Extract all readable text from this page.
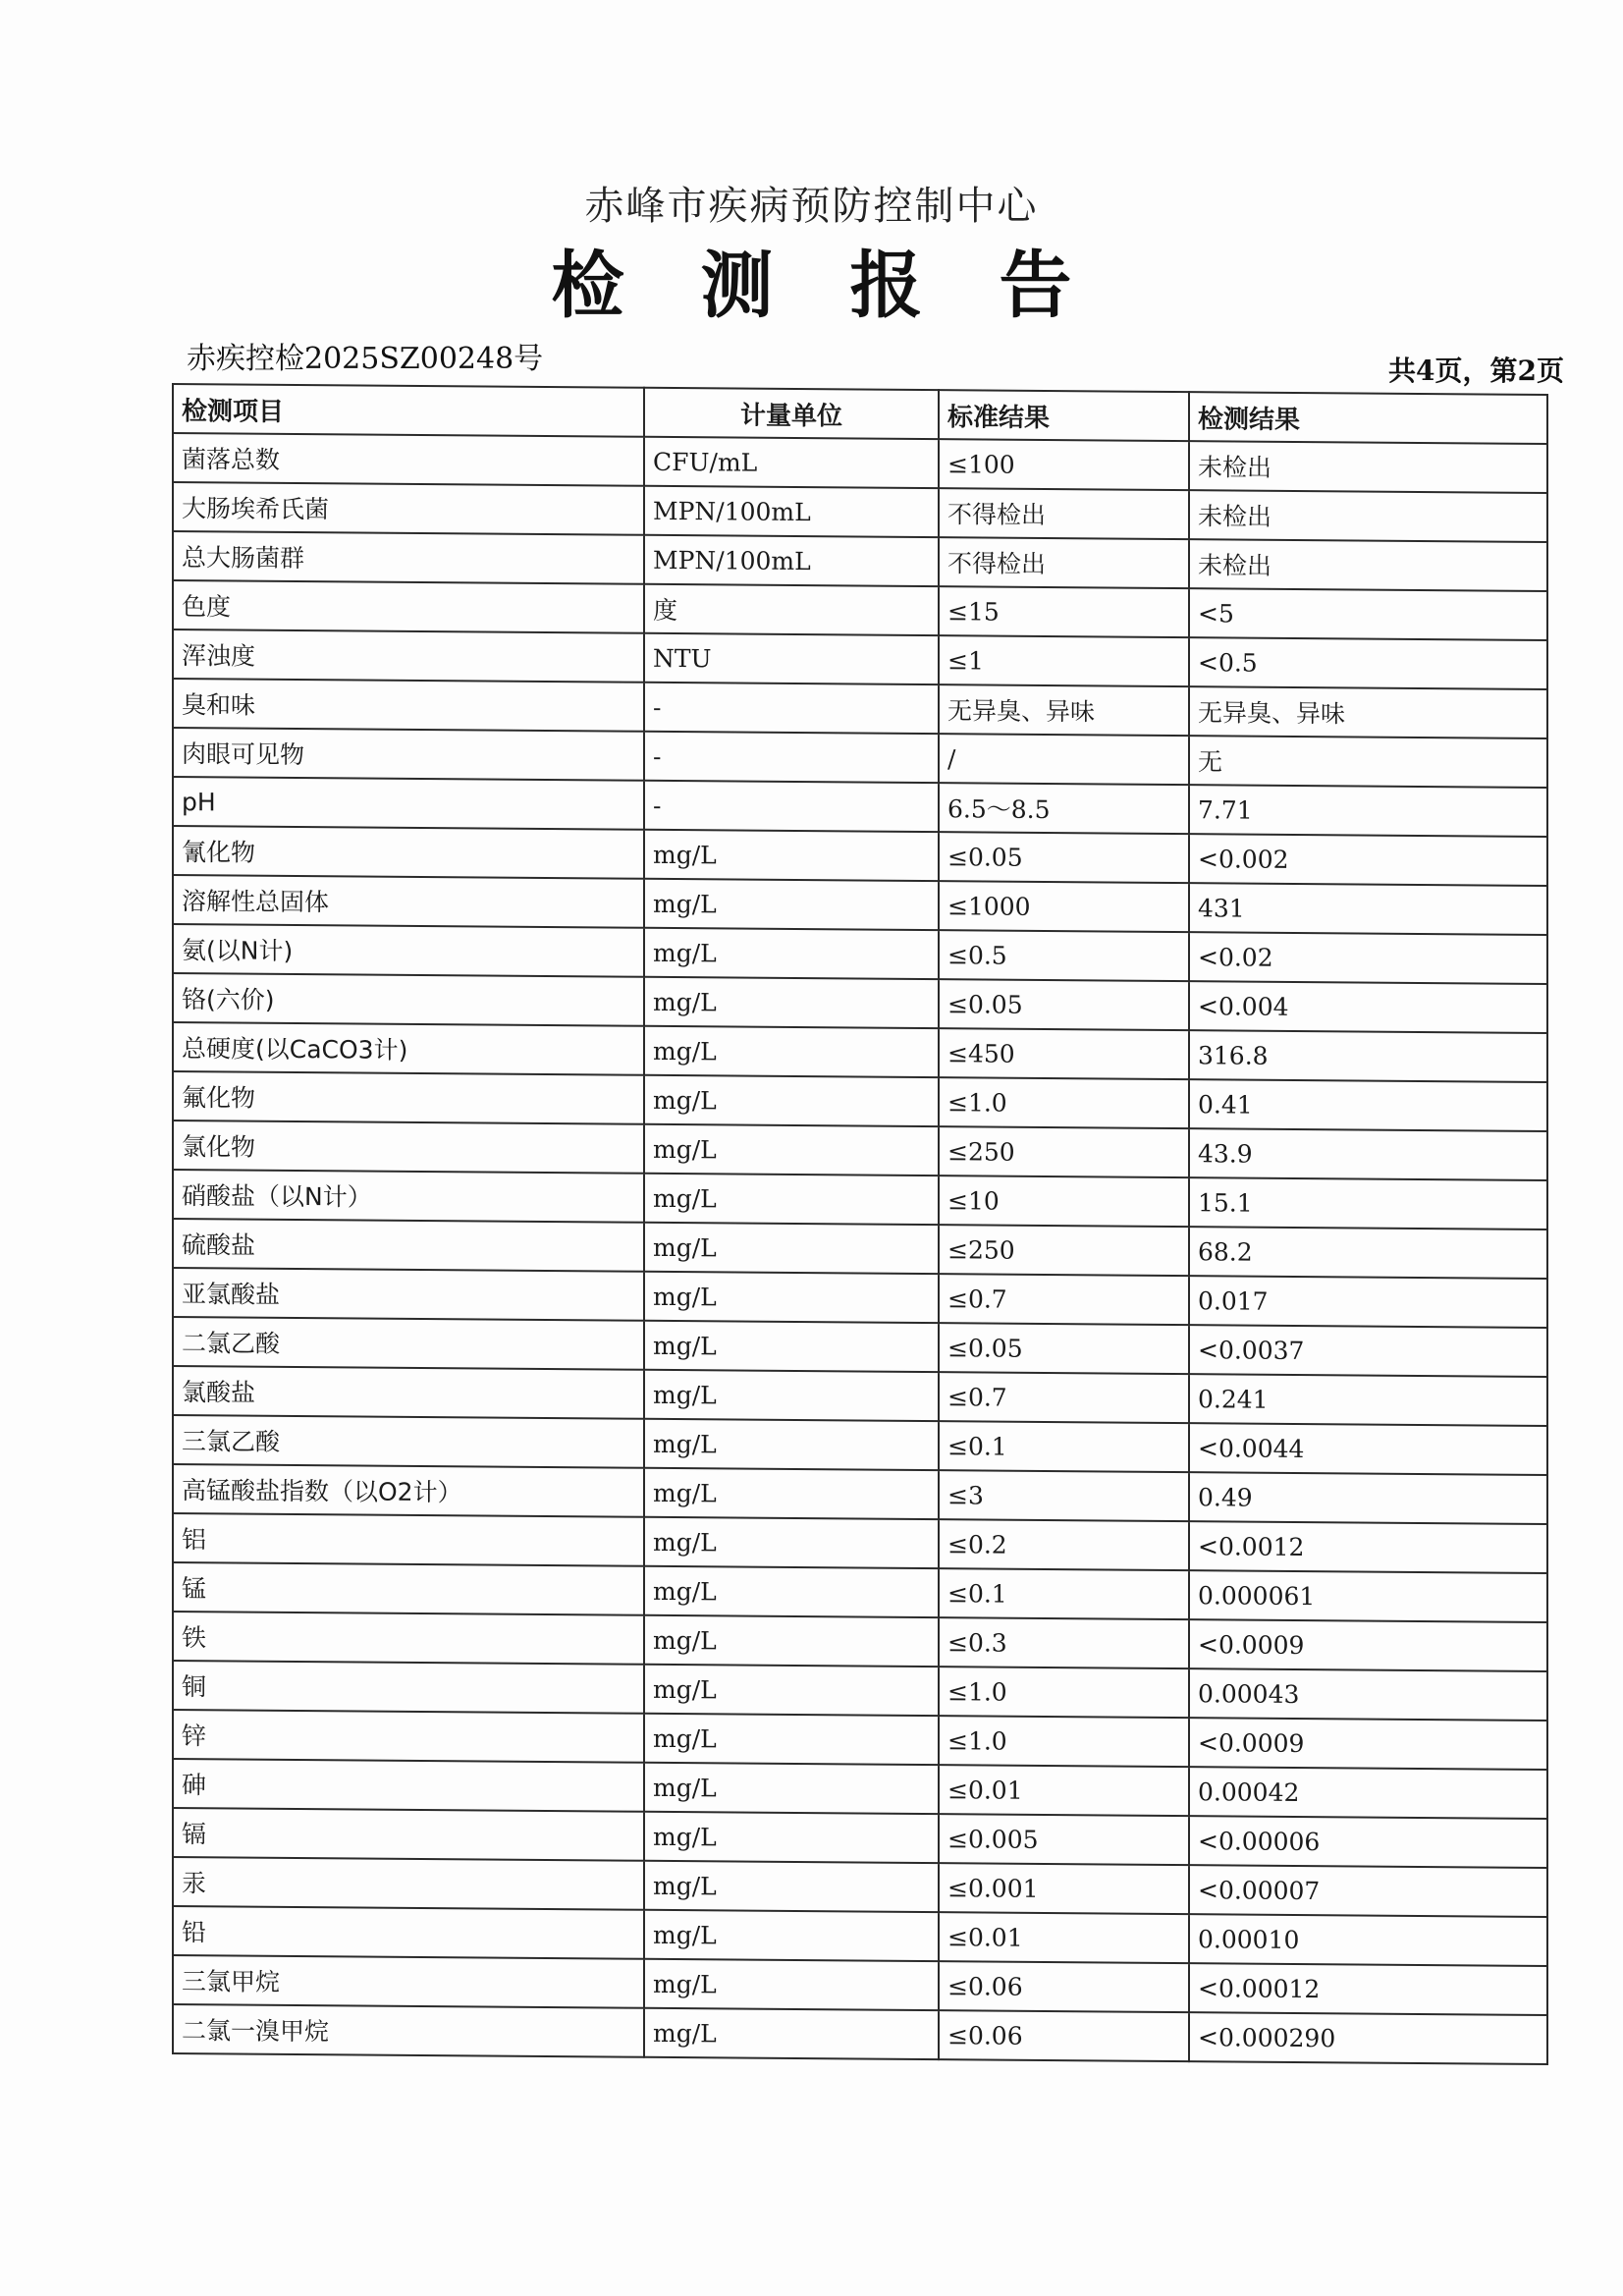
赤峰市疾病预防控制中心
检测报告
赤疾控检2025SZ00248号	共4页，第2页
检测项目	计量单位	标准结果	检测结果
菌落总数	CFU/mL	≤100	未检出
大肠埃希氏菌	MPN/100mL	不得检出	未检出
总大肠菌群	MPN/100mL	不得检出	未检出
色度	度	≤15	<5
浑浊度	NTU	≤1	<0.5
臭和味	-	无异臭、异味	无异臭、异味
肉眼可见物	-	/	无
pH	-	6.5～8.5	7.71
氰化物	mg/L	≤0.05	<0.002
溶解性总固体	mg/L	≤1000	431
氨(以N计)	mg/L	≤0.5	<0.02
铬(六价)	mg/L	≤0.05	<0.004
总硬度(以CaCO3计)	mg/L	≤450	316.8
氟化物	mg/L	≤1.0	0.41
氯化物	mg/L	≤250	43.9
硝酸盐（以N计）	mg/L	≤10	15.1
硫酸盐	mg/L	≤250	68.2
亚氯酸盐	mg/L	≤0.7	0.017
二氯乙酸	mg/L	≤0.05	<0.0037
氯酸盐	mg/L	≤0.7	0.241
三氯乙酸	mg/L	≤0.1	<0.0044
高锰酸盐指数（以O2计）	mg/L	≤3	0.49
铝	mg/L	≤0.2	<0.0012
锰	mg/L	≤0.1	0.000061
铁	mg/L	≤0.3	<0.0009
铜	mg/L	≤1.0	0.00043
锌	mg/L	≤1.0	<0.0009
砷	mg/L	≤0.01	0.00042
镉	mg/L	≤0.005	<0.00006
汞	mg/L	≤0.001	<0.00007
铅	mg/L	≤0.01	0.00010
三氯甲烷	mg/L	≤0.06	<0.00012
二氯一溴甲烷	mg/L	≤0.06	<0.000290
